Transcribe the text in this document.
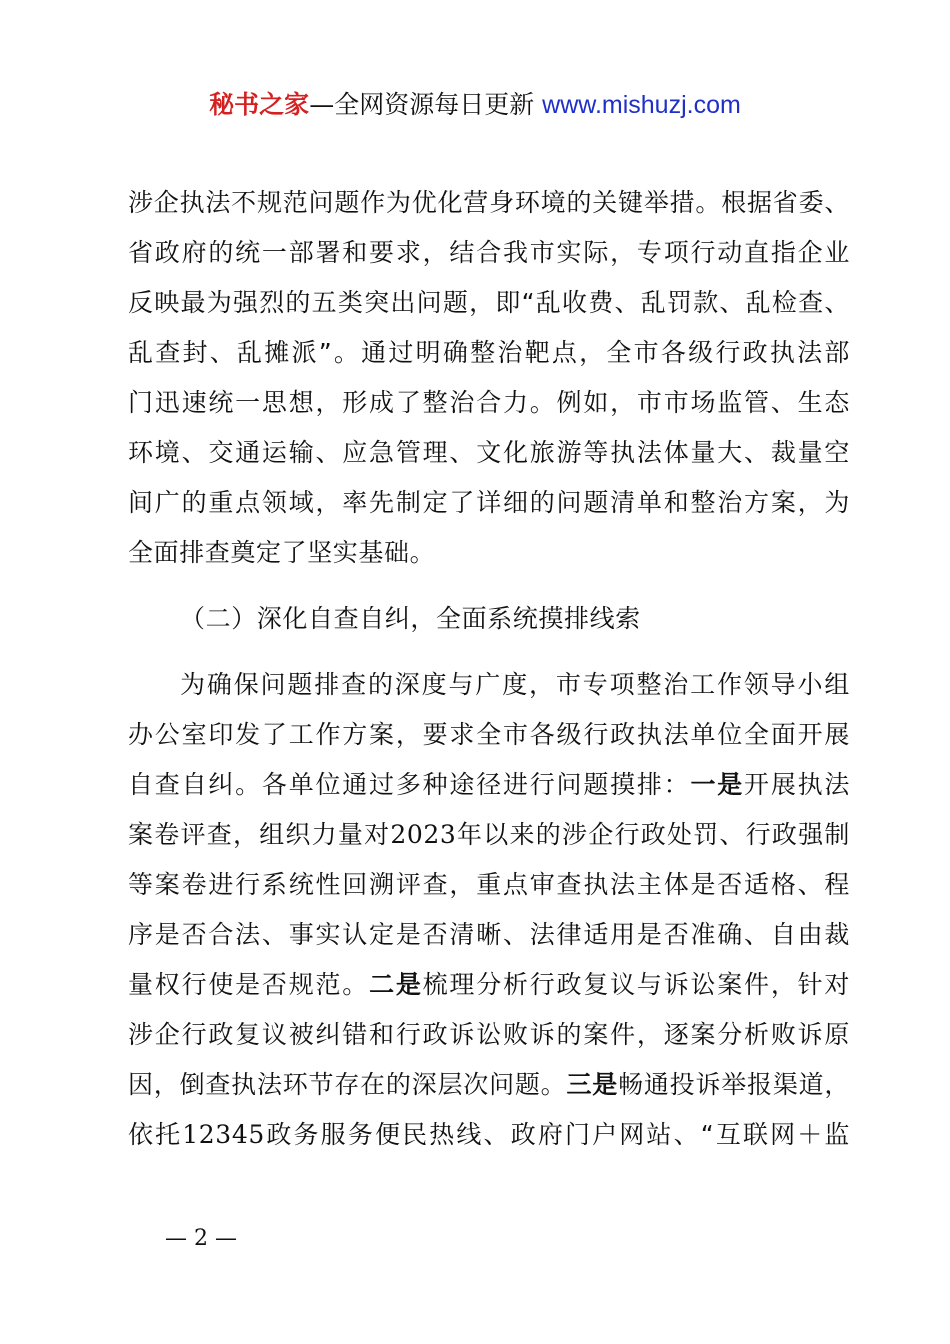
秘书之家—全网资源每日更新 www.mishuzj.com
涉企执法不规范问题作为优化营身环境的关键举措。根据省委、
省政府的统一部署和要求，结合我市实际，专项行动直指企业
反映最为强烈的五类突出问题，即“乱收费、乱罚款、乱检查、
乱查封、乱摊派”。通过明确整治靶点，全市各级行政执法部
门迅速统一思想，形成了整治合力。例如，市市场监管、生态
环境、交通运输、应急管理、文化旅游等执法体量大、裁量空
间广的重点领域，率先制定了详细的问题清单和整治方案，为
全面排查奠定了坚实基础。
（二）深化自查自纠，全面系统摸排线索
为确保问题排查的深度与广度，市专项整治工作领导小组
办公室印发了工作方案，要求全市各级行政执法单位全面开展
自查自纠。各单位通过多种途径进行问题摸排：一是开展执法
案卷评查，组织力量对2023年以来的涉企行政处罚、行政强制
等案卷进行系统性回溯评查，重点审查执法主体是否适格、程
序是否合法、事实认定是否清晰、法律适用是否准确、自由裁
量权行使是否规范。二是梳理分析行政复议与诉讼案件，针对
涉企行政复议被纠错和行政诉讼败诉的案件，逐案分析败诉原
因，倒查执法环节存在的深层次问题。三是畅通投诉举报渠道，
依托12345政务服务便民热线、政府门户网站、“互联网＋监
— 2 —
